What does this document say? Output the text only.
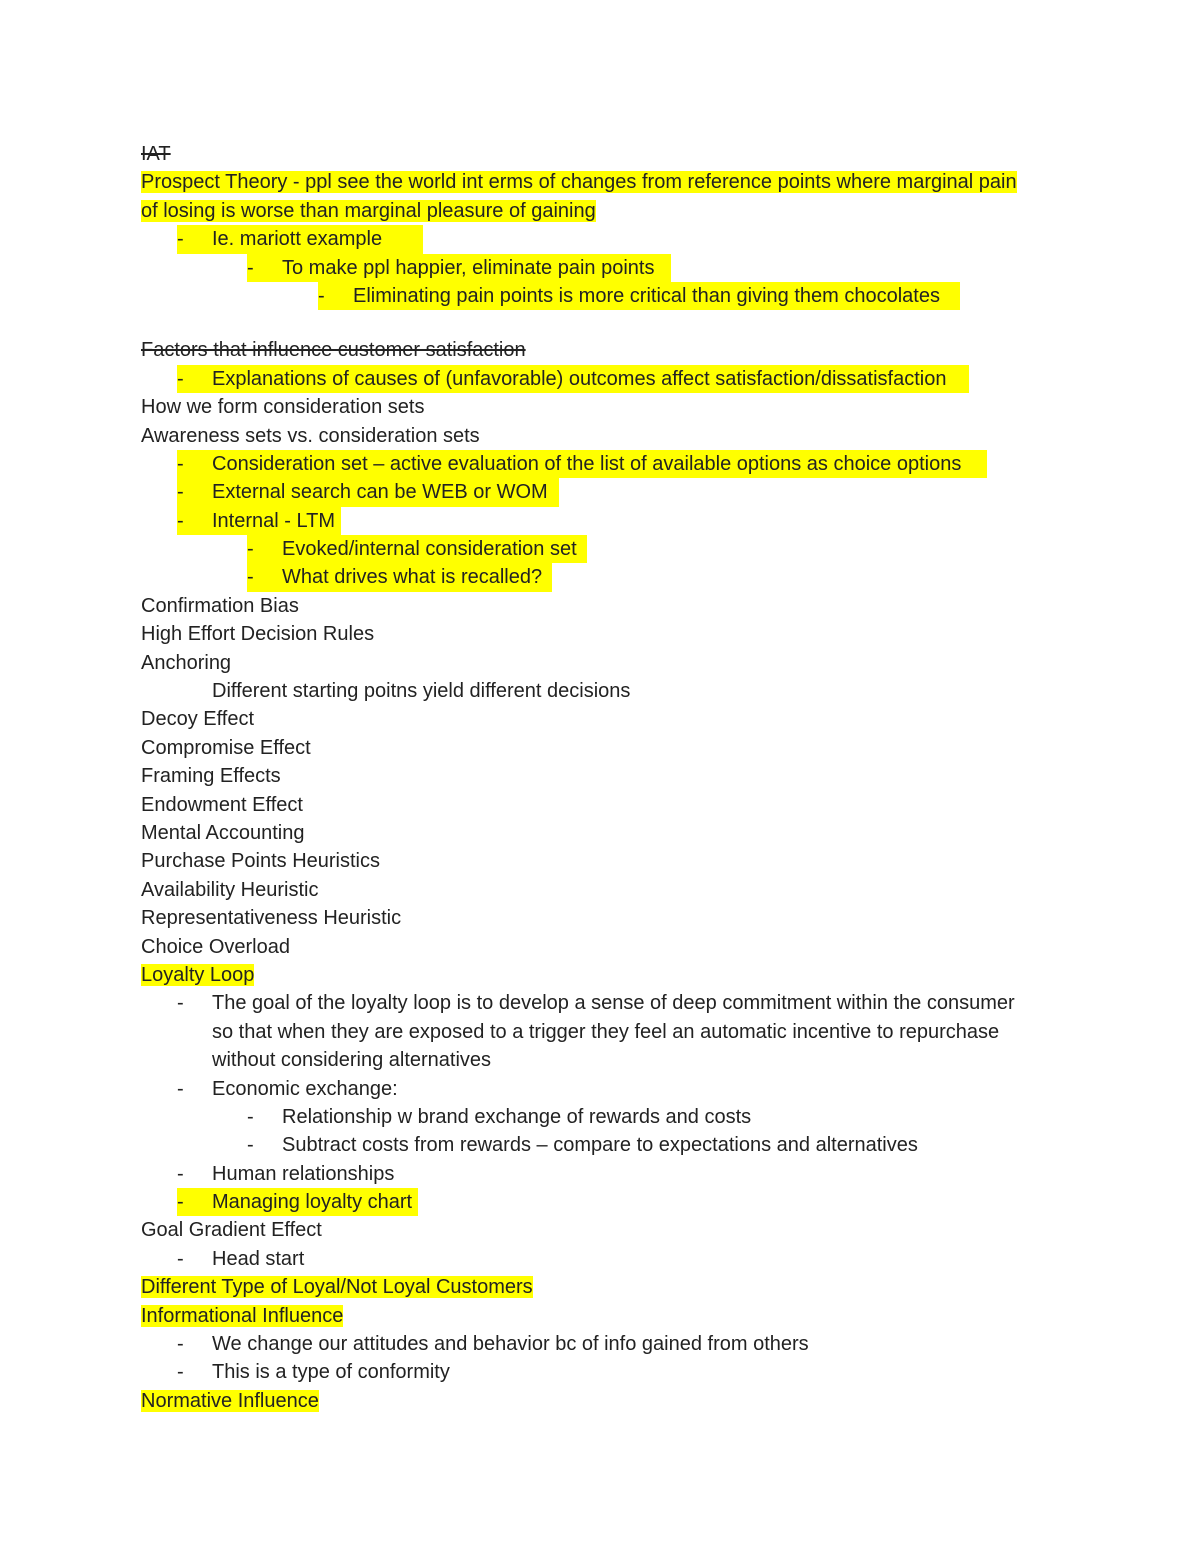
IAT
Prospect Theory - ppl see the world int erms of changes from reference points where marginal pain
of losing is worse than marginal pleasure of gaining
- Ie. mariott example
- To make ppl happier, eliminate pain points
- Eliminating pain points is more critical than giving them chocolates
Factors that influence customer satisfaction
- Explanations of causes of (unfavorable) outcomes affect satisfaction/dissatisfaction
How we form consideration sets
Awareness sets vs. consideration sets
- Consideration set – active evaluation of the list of available options as choice options
- External search can be WEB or WOM
- Internal - LTM
- Evoked/internal consideration set
- What drives what is recalled?
Confirmation Bias
High Effort Decision Rules
Anchoring
Different starting poitns yield different decisions
Decoy Effect
Compromise Effect
Framing Effects
Endowment Effect
Mental Accounting
Purchase Points Heuristics
Availability Heuristic
Representativeness Heuristic
Choice Overload
Loyalty Loop
- The goal of the loyalty loop is to develop a sense of deep commitment within the consumer
so that when they are exposed to a trigger they feel an automatic incentive to repurchase
without considering alternatives
- Economic exchange:
- Relationship w brand exchange of rewards and costs
- Subtract costs from rewards – compare to expectations and alternatives
- Human relationships
- Managing loyalty chart
Goal Gradient Effect
- Head start
Different Type of Loyal/Not Loyal Customers
Informational Influence
- We change our attitudes and behavior bc of info gained from others
- This is a type of conformity
Normative Influence
